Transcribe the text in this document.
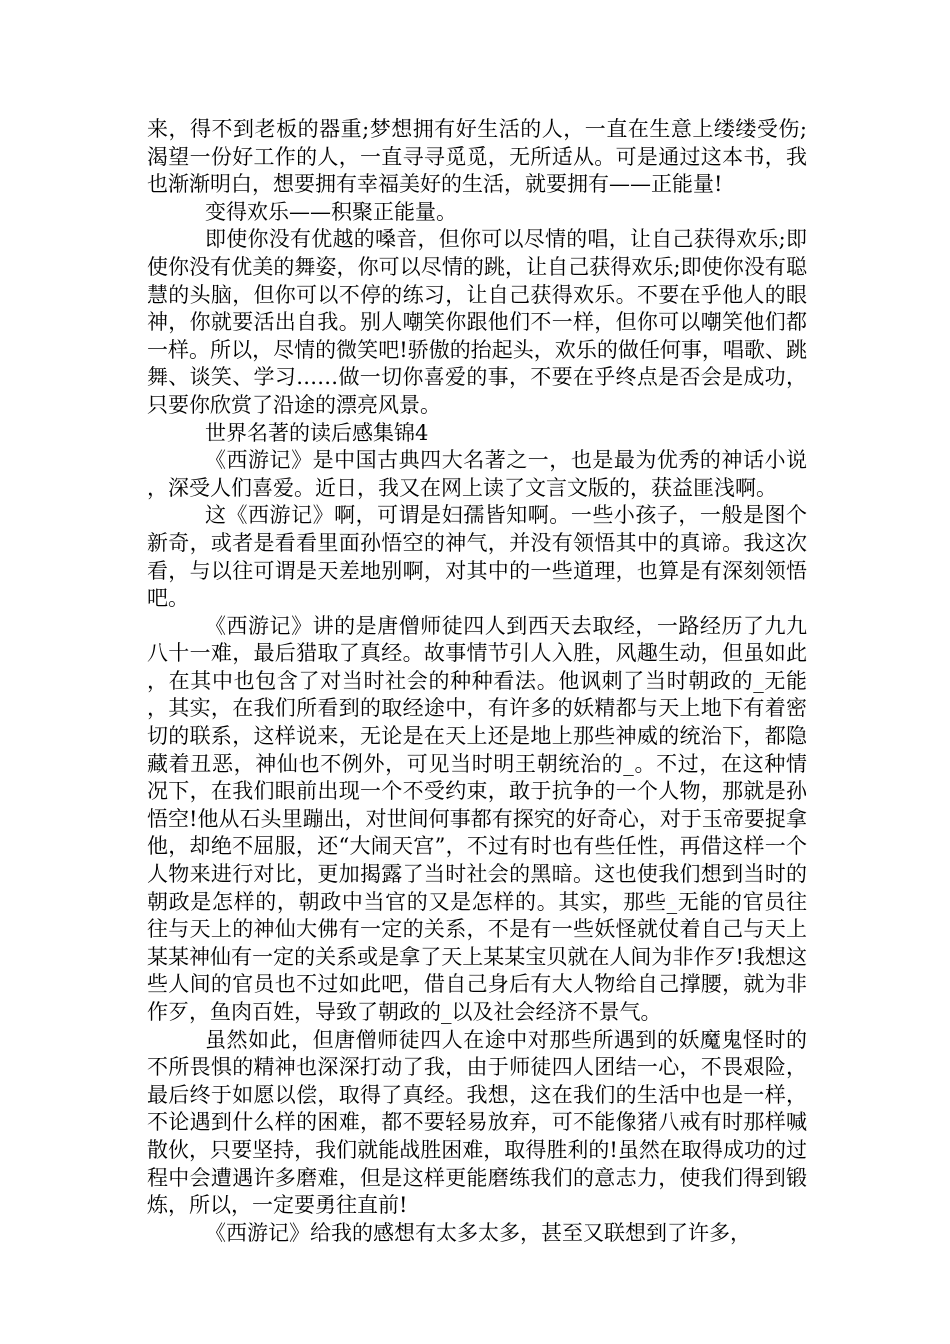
来，得不到老板的器重;梦想拥有好生活的人，一直在生意上缕缕受伤;渴望一份好工作的人，一直寻寻觅觅，无所适从。可是通过这本书，我也渐渐明白，想要拥有幸福美好的生活，就要拥有——正能量!

变得欢乐——积聚正能量。

即使你没有优越的嗓音，但你可以尽情的唱，让自己获得欢乐;即使你没有优美的舞姿，你可以尽情的跳，让自己获得欢乐;即使你没有聪慧的头脑，但你可以不停的练习，让自己获得欢乐。不要在乎他人的眼神，你就要活出自我。别人嘲笑你跟他们不一样，但你可以嘲笑他们都一样。所以，尽情的微笑吧!骄傲的抬起头，欢乐的做任何事，唱歌、跳舞、谈笑、学习……做一切你喜爱的事，不要在乎终点是否会是成功，只要你欣赏了沿途的漂亮风景。

世界名著的读后感集锦4

《西游记》是中国古典四大名著之一，也是最为优秀的神话小说，深受人们喜爱。近日，我又在网上读了文言文版的，获益匪浅啊。

这《西游记》啊，可谓是妇孺皆知啊。一些小孩子，一般是图个新奇，或者是看看里面孙悟空的神气，并没有领悟其中的真谛。我这次看，与以往可谓是天差地别啊，对其中的一些道理，也算是有深刻领悟吧。

《西游记》讲的是唐僧师徒四人到西天去取经，一路经历了九九八十一难，最后猎取了真经。故事情节引人入胜，风趣生动，但虽如此，在其中也包含了对当时社会的种种看法。他讽刺了当时朝政的_无能，其实，在我们所看到的取经途中，有许多的妖精都与天上地下有着密切的联系，这样说来，无论是在天上还是地上那些神威的统治下，都隐藏着丑恶，神仙也不例外，可见当时明王朝统治的_。不过，在这种情况下，在我们眼前出现一个不受约束，敢于抗争的一个人物，那就是孙悟空!他从石头里蹦出，对世间何事都有探究的好奇心，对于玉帝要捉拿他，却绝不屈服，还“大闹天宫”，不过有时也有些任性，再借这样一个人物来进行对比，更加揭露了当时社会的黑暗。这也使我们想到当时的朝政是怎样的，朝政中当官的又是怎样的。其实，那些_无能的官员往往与天上的神仙大佛有一定的关系，不是有一些妖怪就仗着自己与天上某某神仙有一定的关系或是拿了天上某某宝贝就在人间为非作歹!我想这些人间的官员也不过如此吧，借自己身后有大人物给自己撑腰，就为非作歹，鱼肉百姓，导致了朝政的_以及社会经济不景气。

虽然如此，但唐僧师徒四人在途中对那些所遇到的妖魔鬼怪时的不所畏惧的精神也深深打动了我，由于师徒四人团结一心，不畏艰险，最后终于如愿以偿，取得了真经。我想，这在我们的生活中也是一样，不论遇到什么样的困难，都不要轻易放弃，可不能像猪八戒有时那样喊散伙，只要坚持，我们就能战胜困难，取得胜利的!虽然在取得成功的过程中会遭遇许多磨难，但是这样更能磨练我们的意志力，使我们得到锻炼，所以，一定要勇往直前!

《西游记》给我的感想有太多太多，甚至又联想到了许多，
